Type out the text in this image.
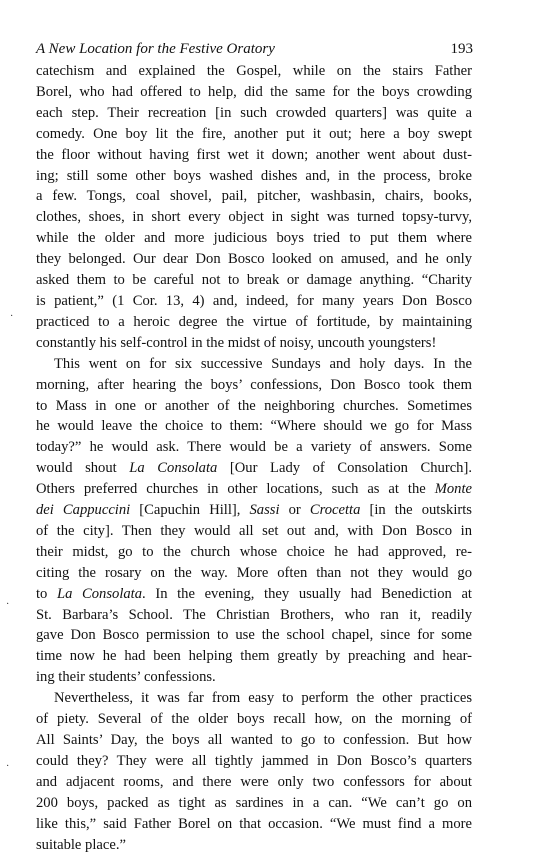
A New Location for the Festive Oratory	193
catechism and explained the Gospel, while on the stairs Father
Borel, who had offered to help, did the same for the boys crowding
each step. Their recreation [in such crowded quarters] was quite a
comedy. One boy lit the fire, another put it out; here a boy swept
the floor without having first wet it down; another went about dust-
ing; still some other boys washed dishes and, in the process, broke
a few. Tongs, coal shovel, pail, pitcher, washbasin, chairs, books,
clothes, shoes, in short every object in sight was turned topsy-turvy,
while the older and more judicious boys tried to put them where
they belonged. Our dear Don Bosco looked on amused, and he only
asked them to be careful not to break or damage anything. “Charity
is patient,” (1 Cor. 13, 4) and, indeed, for many years Don Bosco
practiced to a heroic degree the virtue of fortitude, by maintaining
constantly his self-control in the midst of noisy, uncouth youngsters!
This went on for six successive Sundays and holy days. In the
morning, after hearing the boys’ confessions, Don Bosco took them
to Mass in one or another of the neighboring churches. Sometimes
he would leave the choice to them: “Where should we go for Mass
today?” he would ask. There would be a variety of answers. Some
would shout La Consolata [Our Lady of Consolation Church].
Others preferred churches in other locations, such as at the Monte
dei Cappuccini [Capuchin Hill], Sassi or Crocetta [in the outskirts
of the city]. Then they would all set out and, with Don Bosco in
their midst, go to the church whose choice he had approved, re-
citing the rosary on the way. More often than not they would go
to La Consolata. In the evening, they usually had Benediction at
St. Barbara’s School. The Christian Brothers, who ran it, readily
gave Don Bosco permission to use the school chapel, since for some
time now he had been helping them greatly by preaching and hear-
ing their students’ confessions.
Nevertheless, it was far from easy to perform the other practices
of piety. Several of the older boys recall how, on the morning of
All Saints’ Day, the boys all wanted to go to confession. But how
could they? They were all tightly jammed in Don Bosco’s quarters
and adjacent rooms, and there were only two confessors for about
200 boys, packed as tight as sardines in a can. “We can’t go on
like this,” said Father Borel on that occasion. “We must find a more
suitable place.”
·
·
·
